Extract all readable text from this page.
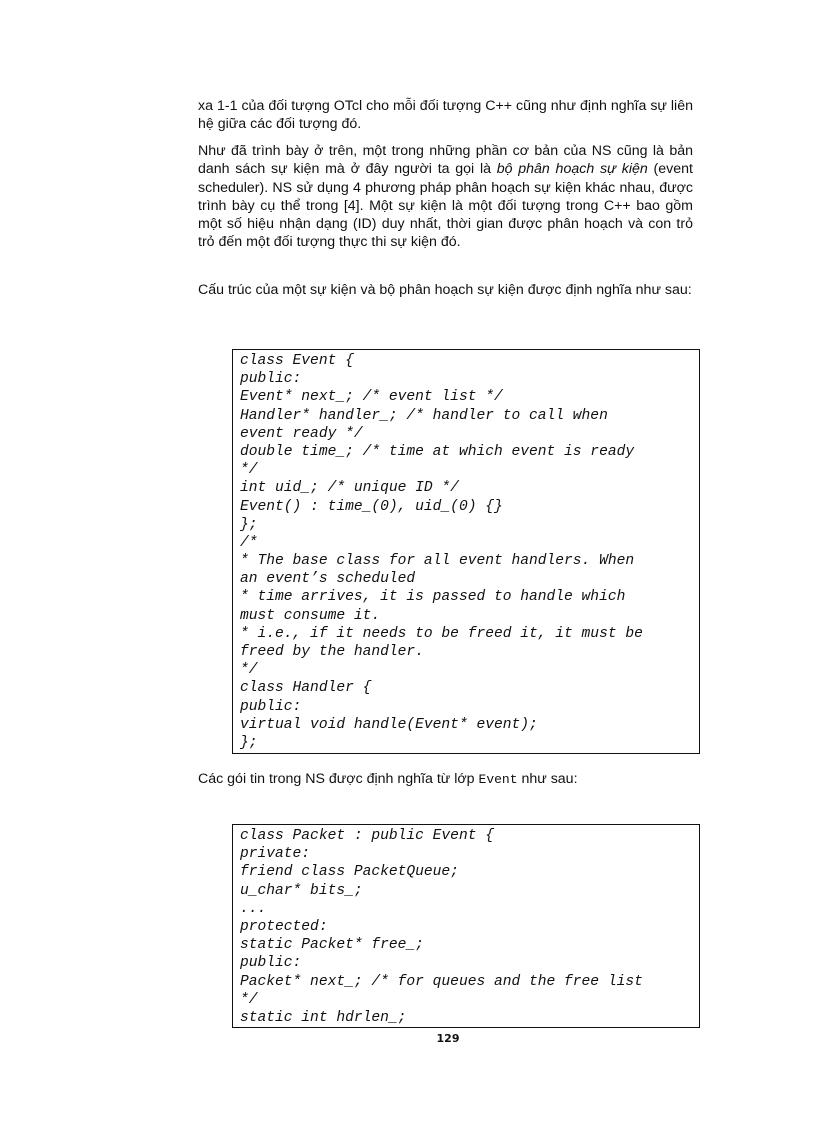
xa 1-1 của đối tượng OTcl cho mỗi đối tượng C++ cũng như định nghĩa sự liên hệ giữa các đối tượng đó.

Như đã trình bày ở trên, một trong những phần cơ bản của NS cũng là bản danh sách sự kiện mà ở đây người ta gọi là bộ phân hoạch sự kiện (event scheduler). NS sử dụng 4 phương pháp phân hoạch sự kiện khác nhau, được trình bày cụ thể trong [4]. Một sự kiện là một đối tượng trong C++ bao gồm một số hiệu nhận dạng (ID) duy nhất, thời gian được phân hoạch và con trỏ trỏ đến một đối tượng thực thi sự kiện đó.

Cấu trúc của một sự kiện và bộ phân hoạch sự kiện được định nghĩa như sau:

class Event {
public:
Event* next_; /* event list */
Handler* handler_; /* handler to call when
event ready */
double time_; /* time at which event is ready
*/
int uid_; /* unique ID */
Event() : time_(0), uid_(0) {}
};
/*
* The base class for all event handlers. When
an event’s scheduled
* time arrives, it is passed to handle which
must consume it.
* i.e., if it needs to be freed it, it must be
freed by the handler.
*/
class Handler {
public:
virtual void handle(Event* event);
};

Các gói tin trong NS được định nghĩa từ lớp Event như sau:

class Packet : public Event {
private:
friend class PacketQueue;
u_char* bits_;
...
protected:
static Packet* free_;
public:
Packet* next_; /* for queues and the free list
*/
static int hdrlen_;
129
